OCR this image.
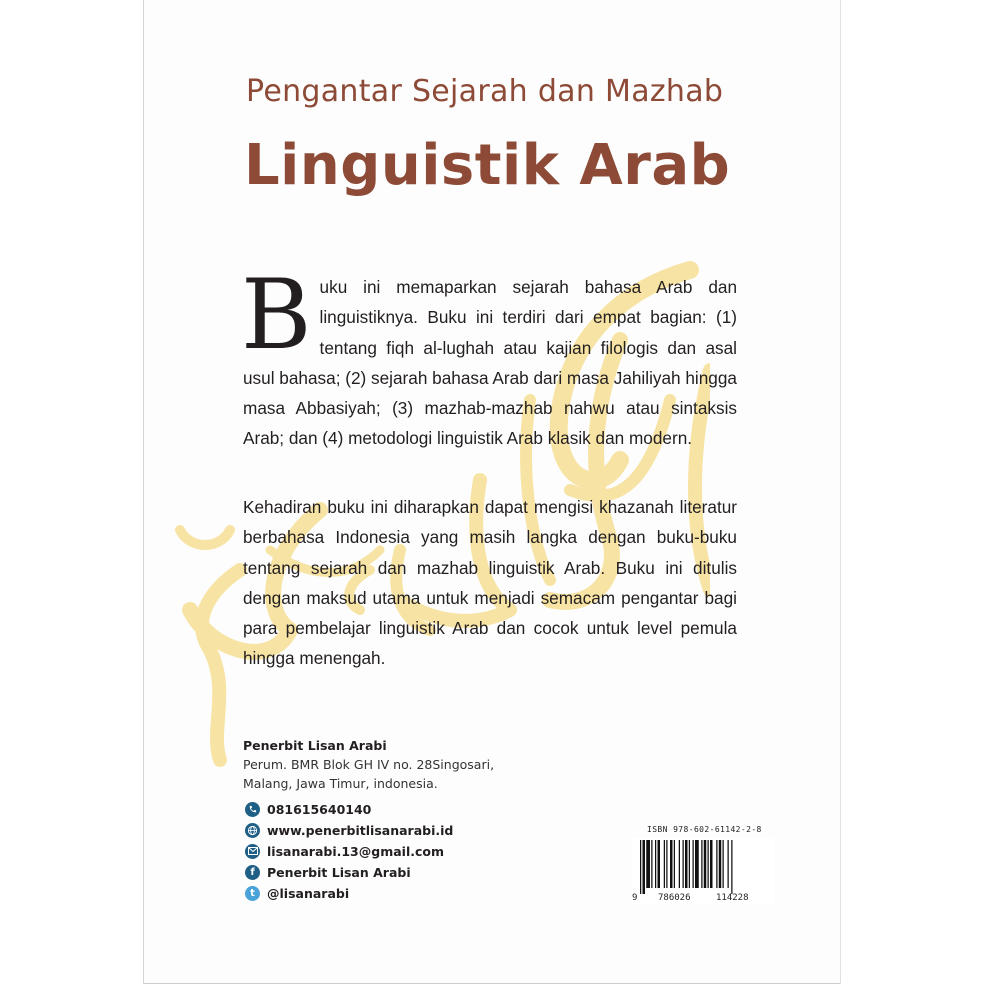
Pengantar Sejarah dan Mazhab
Linguistik Arab
Buku ini memaparkan sejarah bahasa Arab dan linguistiknya. Buku ini terdiri dari empat bagian: (1) tentang fiqh al-lughah atau kajian filologis dan asal usul bahasa; (2) sejarah bahasa Arab dari masa Jahiliyah hingga masa Abbasiyah; (3) mazhab-mazhab nahwu atau sintaksis Arab; dan (4) metodologi linguistik Arab klasik dan modern.
Kehadiran buku ini diharapkan dapat mengisi khazanah literatur berbahasa Indonesia yang masih langka dengan buku-buku tentang sejarah dan mazhab linguistik Arab. Buku ini ditulis dengan maksud utama untuk menjadi semacam pengantar bagi para pembelajar linguistik Arab dan cocok untuk level pemula hingga menengah.
Penerbit Lisan Arabi
Perum. BMR Blok GH IV no. 28Singosari, Malang, Jawa Timur, indonesia.
081615640140
www.penerbitlisanarabi.id
lisanarabi.13@gmail.com
f Penerbit Lisan Arabi
t @lisanarabi
ISBN 978-602-61142-2-8
9 786026	114228
